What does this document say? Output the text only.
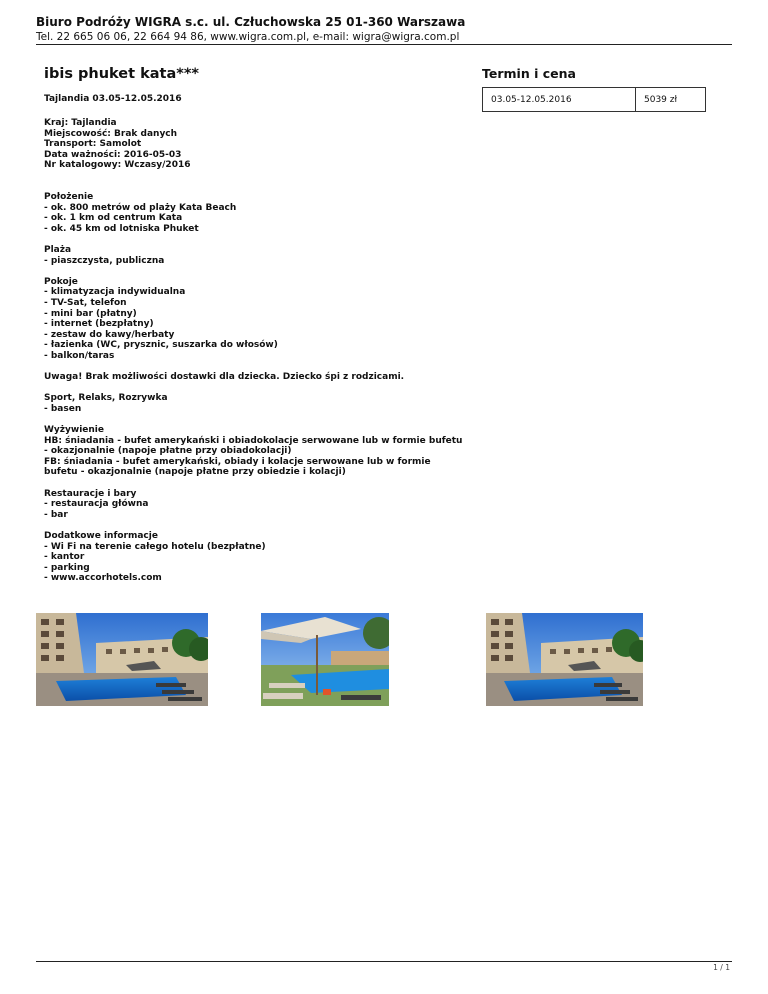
Biuro Podróży WIGRA s.c. ul. Człuchowska 25 01-360 Warszawa
Tel. 22 665 06 06, 22 664 94 86, www.wigra.com.pl, e-mail: wigra@wigra.com.pl
ibis phuket kata***
Tajlandia 03.05-12.05.2016
Kraj: Tajlandia
Miejscowość: Brak danych
Transport: Samolot
Data ważności: 2016-05-03
Nr katalogowy: Wczasy/2016
Położenie
- ok. 800 metrów od plaży Kata Beach
- ok. 1 km od centrum Kata
- ok. 45 km od lotniska Phuket
Plaża
- piaszczysta, publiczna
Pokoje
- klimatyzacja indywidualna
- TV-Sat, telefon
- mini bar (płatny)
- internet (bezpłatny)
- zestaw do kawy/herbaty
- łazienka (WC, prysznic, suszarka do włosów)
- balkon/taras
Uwaga! Brak możliwości dostawki dla dziecka. Dziecko śpi z rodzicami.
Sport, Relaks, Rozrywka
- basen
Wyżywienie
HB: śniadania - bufet amerykański i obiadokolacje serwowane lub w formie bufetu
- okazjonalnie (napoje płatne przy obiadokolacji)
FB: śniadania - bufet amerykański, obiady i kolacje serwowane lub w formie
bufetu - okazjonalnie (napoje płatne przy obiedzie i kolacji)
Restauracje i bary
- restauracja główna
- bar
Dodatkowe informacje
- Wi Fi na terenie całego hotelu (bezpłatne)
- kantor
- parking
- www.accorhotels.com
Termin i cena
03.05-12.05.2016	5039 zł
1 / 1
